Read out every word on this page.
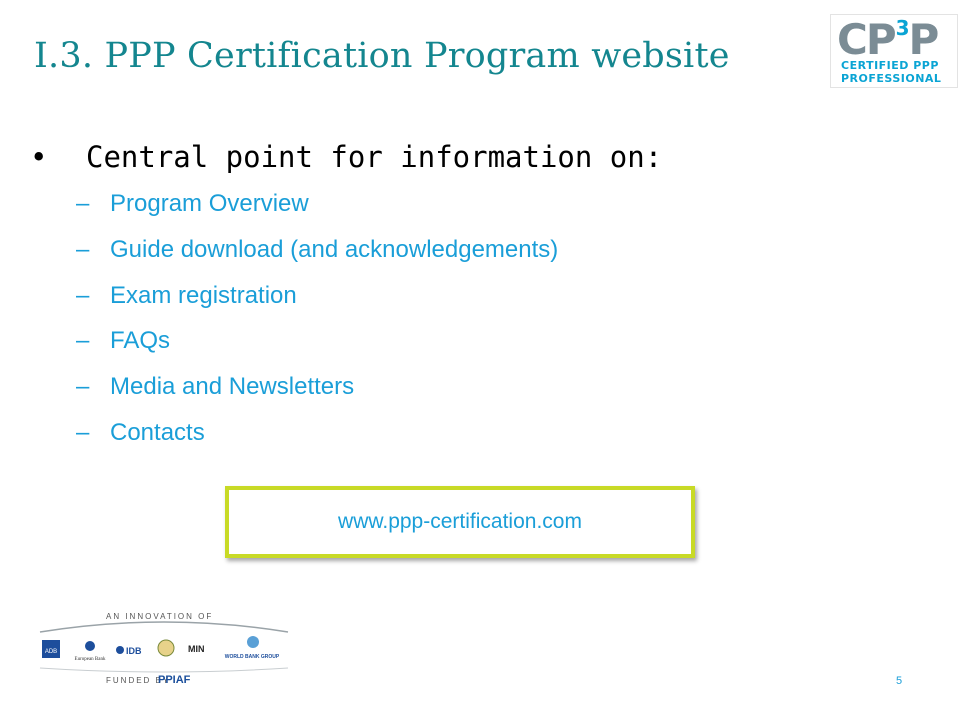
I.3. PPP Certification Program website	$CP^3P$
CERTIFIED PPP
PROFESSIONAL
• Central point for information on:
– Program Overview
– Guide download (and acknowledgements)
– Exam registration
– FAQs
– Media and Newsletters
– Contacts
www.ppp-certification.com
AN INNOVATION OF
ADB
European Bank
IDB	MIN
WORLD BANK GROUP
FUNDED BY
PPIAF	5
